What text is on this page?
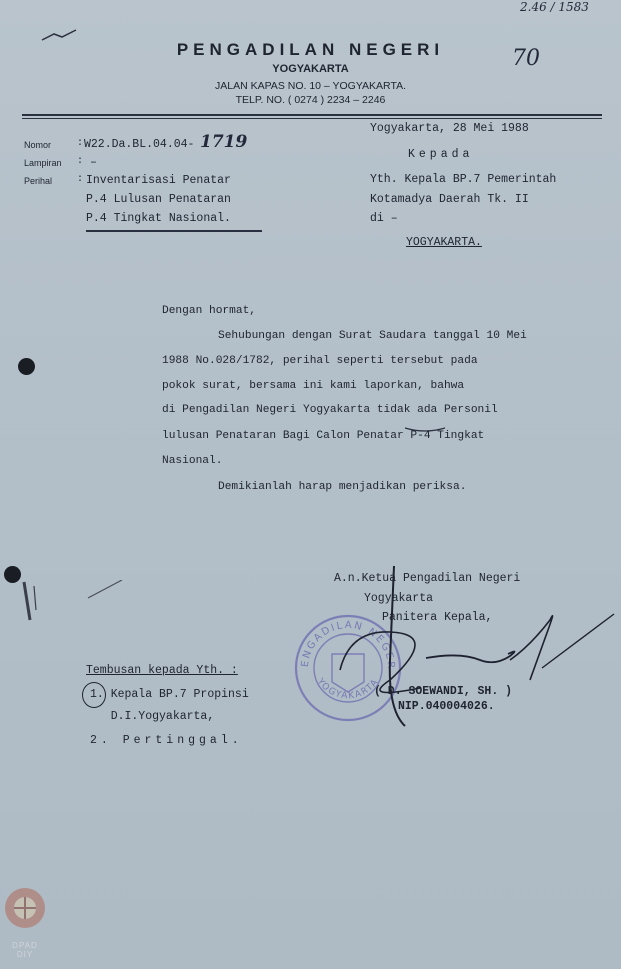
2.46 / 1583
70
PENGADILAN NEGERI
YOGYAKARTA
JALAN KAPAS NO. 10 – YOGYAKARTA.
TELP. NO. ( 0274 ) 2234 – 2246
Nomor
Lampiran
Perihal
:
:
:
W22.Da.BL.04.04- 1719
–
Inventarisasi Penatar
P.4 Lulusan Penataran
P.4 Tingkat Nasional.
Yogyakarta, 28 Mei 1988
Kepada
Yth. Kepala BP.7 Pemerintah
Kotamadya Daerah Tk. II
di –
YOGYAKARTA.
Dengan hormat,
Sehubungan dengan Surat Saudara tanggal 10 Mei
1988 No.028/1782, perihal seperti tersebut pada
pokok surat, bersama ini kami laporkan, bahwa
di Pengadilan Negeri Yogyakarta tidak ada Personil
lulusan Penataran Bagi Calon Penatar P-4 Tingkat
Nasional.
Demikianlah harap menjadikan periksa.
A.n.Ketua Pengadilan Negeri
Yogyakarta
Panitera Kepala,
( D. SOEWANDI, SH. )
NIP.040004026.
ENGADILAN NEGER
YOGYAKARTA
Tembusan kepada Yth. :
1. Kepala BP.7 Propinsi
D.I.Yogyakarta,
2. Pertinggal.
DPAD
DIY
